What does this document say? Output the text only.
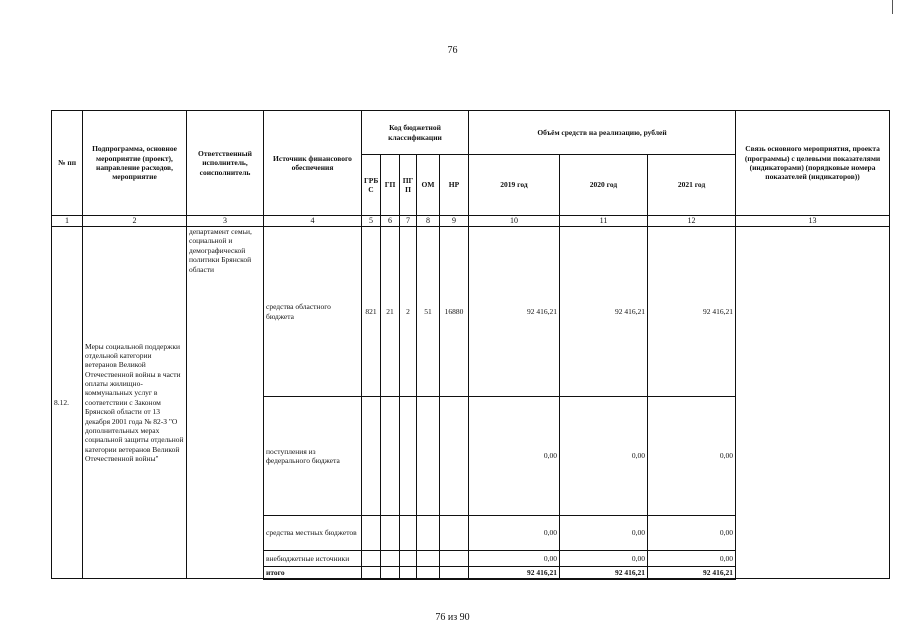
76
№ пп	Подпрограмма, основное мероприятие (проект), направление расходов, мероприятие	Ответственный исполнитель, соисполнитель	Источник финансового обеспечения	Код бюджетной классификации					Объём средств на реализацию, рублей			Связь основного мероприятия, проекта (программы) с целевыми показателями (индикаторами) (порядковые номера показателей (индикаторов))
				ГРБ С	ГП	ПГ П	ОМ	НР	2019 год	2020 год	2021 год	
1	2	3	4	5	6	7	8	9	10	11	12	13
8.12.	Меры социальной поддержки отдельной категории ветеранов Великой Отечественной войны в части оплаты жилищно-коммунальных услуг в соответствии с Законом Брянской области от 13 декабря 2001 года № 82-З "О дополнительных мерах социальной защиты отдельной категории ветеранов Великой Отечественной войны"	департамент семьи, социальной и демографической политики Брянской области	средства областного бюджета	821	21	2	51	16880	92 416,21	92 416,21	92 416,21	
			поступления из федерального бюджета						0,00	0,00	0,00	
			средства местных бюджетов						0,00	0,00	0,00	
			внебюджетные источники						0,00	0,00	0,00	
			итого						92 416,21	92 416,21	92 416,21	
76 из 90
